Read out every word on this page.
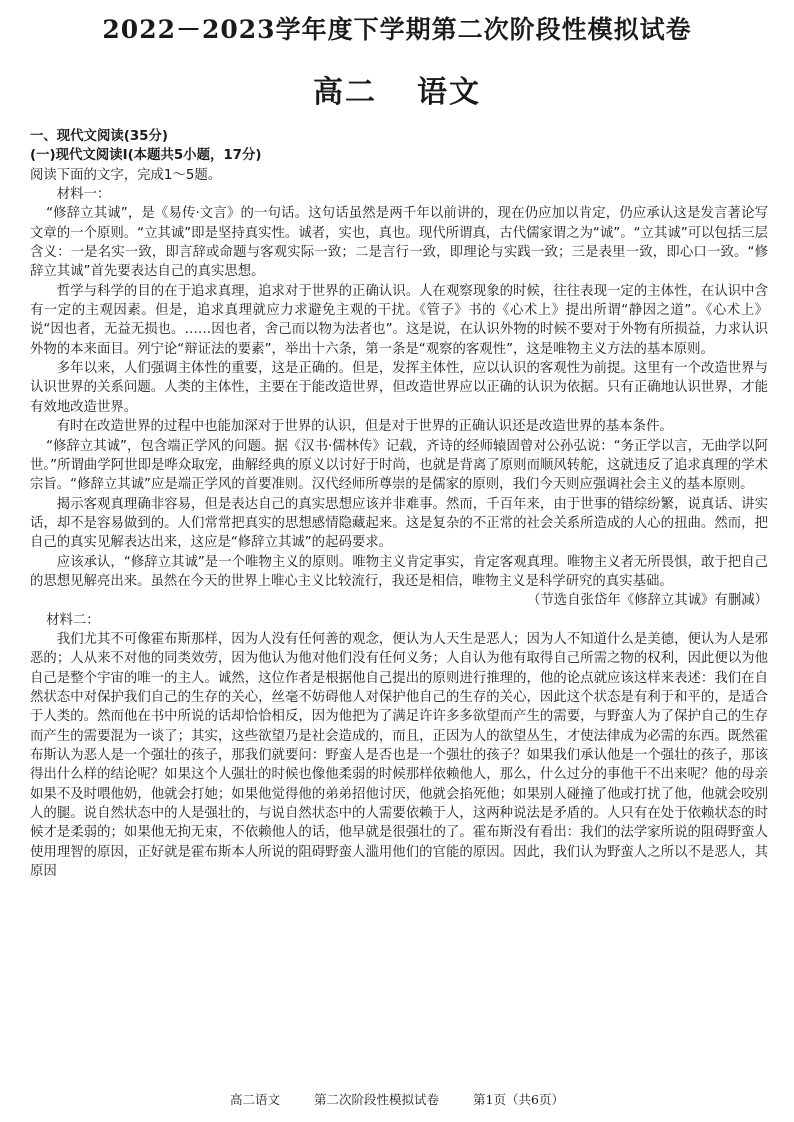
2022－2023学年度下学期第二次阶段性模拟试卷
高二 语文

一、现代文阅读(35分)

(一)现代文阅读Ⅰ(本题共5小题，17分)

阅读下面的文字，完成1～5题。

材料一：

“修辞立其诚”，是《易传·文言》的一句话。这句话虽然是两千年以前讲的，现在仍应加以肯定，仍应承认这是发言著论写文章的一个原则。“立其诚”即是坚持真实性。诚者，实也，真也。现代所谓真，古代儒家谓之为“诚”。“立其诚”可以包括三层含义：一是名实一致，即言辞或命题与客观实际一致；二是言行一致，即理论与实践一致；三是表里一致，即心口一致。“修辞立其诚”首先要表达自己的真实思想。

哲学与科学的目的在于追求真理，追求对于世界的正确认识。人在观察现象的时候，往往表现一定的主体性，在认识中含有一定的主观因素。但是，追求真理就应力求避免主观的干扰。《管子》书的《心术上》提出所谓“静因之道”。《心术上》说“因也者，无益无损也。……因也者，舍己而以物为法者也”。这是说，在认识外物的时候不要对于外物有所损益，力求认识外物的本来面目。列宁论“辩证法的要素”，举出十六条，第一条是“观察的客观性”，这是唯物主义方法的基本原则。

多年以来，人们强调主体性的重要，这是正确的。但是，发挥主体性，应以认识的客观性为前提。这里有一个改造世界与认识世界的关系问题。人类的主体性，主要在于能改造世界，但改造世界应以正确的认识为依据。只有正确地认识世界，才能有效地改造世界。

有时在改造世界的过程中也能加深对于世界的认识，但是对于世界的正确认识还是改造世界的基本条件。

“修辞立其诚”，包含端正学风的问题。据《汉书·儒林传》记载，齐诗的经师辕固曾对公孙弘说：“务正学以言，无曲学以阿世。”所谓曲学阿世即是哗众取宠，曲解经典的原义以讨好于时尚，也就是背离了原则而顺风转舵，这就违反了追求真理的学术宗旨。“修辞立其诚”应是端正学风的首要准则。汉代经师所尊崇的是儒家的原则，我们今天则应强调社会主义的基本原则。

揭示客观真理确非容易，但是表达自己的真实思想应该并非难事。然而，千百年来，由于世事的错综纷繁，说真话、讲实话，却不是容易做到的。人们常常把真实的思想感情隐藏起来。这是复杂的不正常的社会关系所造成的人心的扭曲。然而，把自己的真实见解表达出来，这应是“修辞立其诚”的起码要求。

应该承认，“修辞立其诚”是一个唯物主义的原则。唯物主义肯定事实，肯定客观真理。唯物主义者无所畏惧，敢于把自己的思想见解亮出来。虽然在今天的世界上唯心主义比较流行，我还是相信，唯物主义是科学研究的真实基础。

（节选自张岱年《修辞立其诚》有删减）

材料二：

我们尤其不可像霍布斯那样，因为人没有任何善的观念，便认为人天生是恶人；因为人不知道什么是美德，便认为人是邪恶的；人从来不对他的同类效劳，因为他认为他对他们没有任何义务；人自认为他有取得自己所需之物的权利，因此便以为他自己是整个宇宙的唯一的主人。诚然，这位作者是根据他自己提出的原则进行推理的，他的论点就应该这样来表述：我们在自然状态中对保护我们自己的生存的关心，丝毫不妨碍他人对保护他自己的生存的关心，因此这个状态是有利于和平的，是适合于人类的。然而他在书中所说的话却恰恰相反，因为他把为了满足许许多多欲望而产生的需要，与野蛮人为了保护自己的生存而产生的需要混为一谈了；其实，这些欲望乃是社会造成的，而且，正因为人的欲望丛生，才使法律成为必需的东西。既然霍布斯认为恶人是一个强壮的孩子，那我们就要问：野蛮人是否也是一个强壮的孩子？如果我们承认他是一个强壮的孩子，那该得出什么样的结论呢？如果这个人强壮的时候也像他柔弱的时候那样依赖他人，那么，什么过分的事他干不出来呢？他的母亲如果不及时喂他奶，他就会打她；如果他觉得他的弟弟招他讨厌，他就会掐死他；如果别人碰撞了他或打扰了他，他就会咬别人的腿。说自然状态中的人是强壮的，与说自然状态中的人需要依赖于人，这两种说法是矛盾的。人只有在处于依赖状态的时候才是柔弱的；如果他无拘无束，不依赖他人的话，他早就是很强壮的了。霍布斯没有看出：我们的法学家所说的阻碍野蛮人使用理智的原因，正好就是霍布斯本人所说的阻碍野蛮人滥用他们的官能的原因。因此，我们认为野蛮人之所以不是恶人，其原因

高二语文	第二次阶段性模拟试卷	第1页（共6页）
